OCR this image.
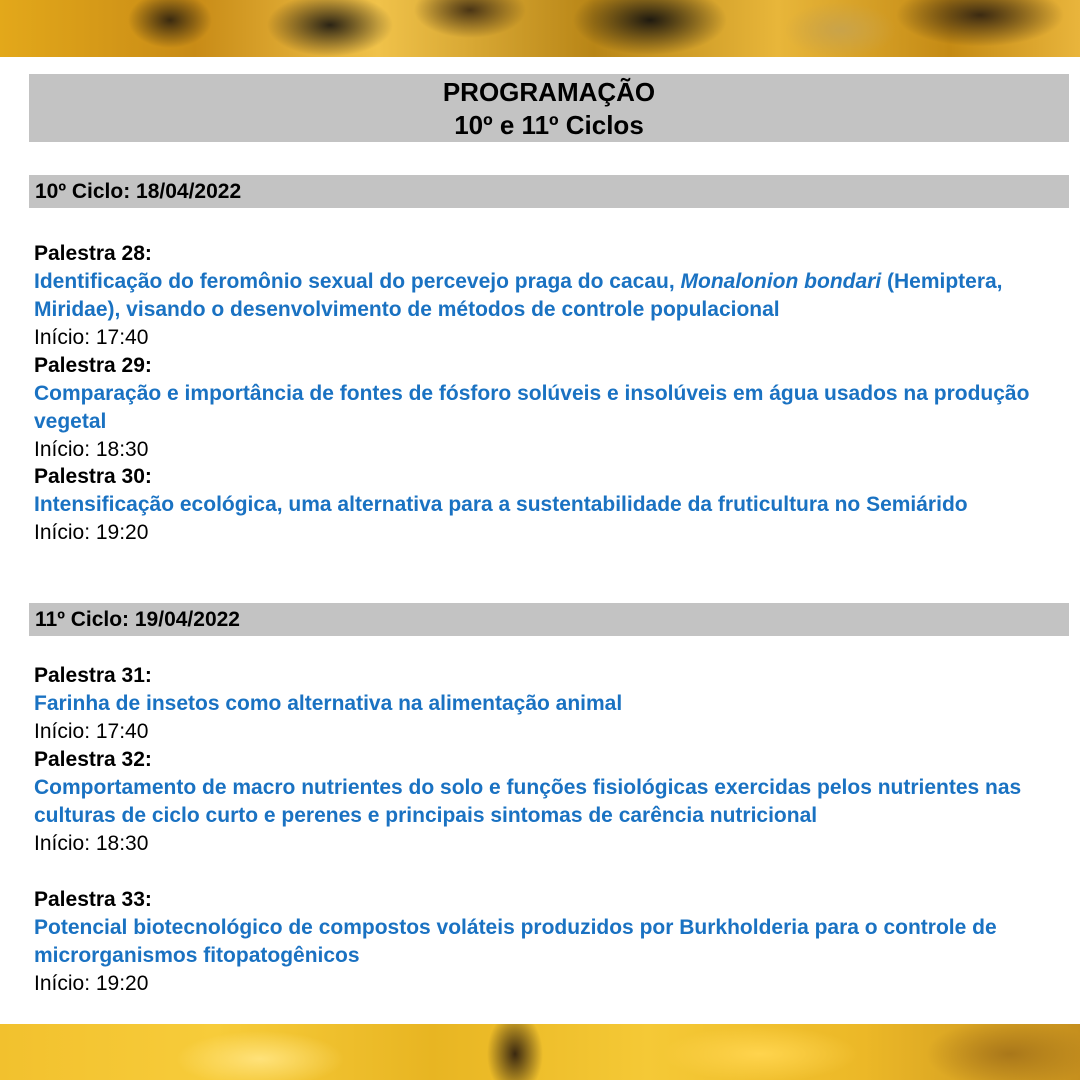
PROGRAMAÇÃO
10º e 11º Ciclos
10º Ciclo: 18/04/2022
Palestra 28:
Identificação do feromônio sexual do percevejo praga do cacau, Monalonion bondari (Hemiptera, Miridae), visando o desenvolvimento de métodos de controle populacional
Início: 17:40
Palestra 29:
Comparação e importância de fontes de fósforo solúveis e insolúveis em água usados na produção vegetal
Início: 18:30
Palestra 30:
Intensificação ecológica, uma alternativa para a sustentabilidade da fruticultura no Semiárido
Início: 19:20
11º Ciclo: 19/04/2022
Palestra 31:
Farinha de insetos como alternativa na alimentação animal
Início: 17:40
Palestra 32:
Comportamento de macro nutrientes do solo e funções fisiológicas exercidas pelos nutrientes nas culturas de ciclo curto e perenes e principais sintomas de carência nutricional
Início: 18:30
Palestra 33:
Potencial biotecnológico de compostos voláteis produzidos por Burkholderia para o controle de microrganismos fitopatogênicos
Início: 19:20
